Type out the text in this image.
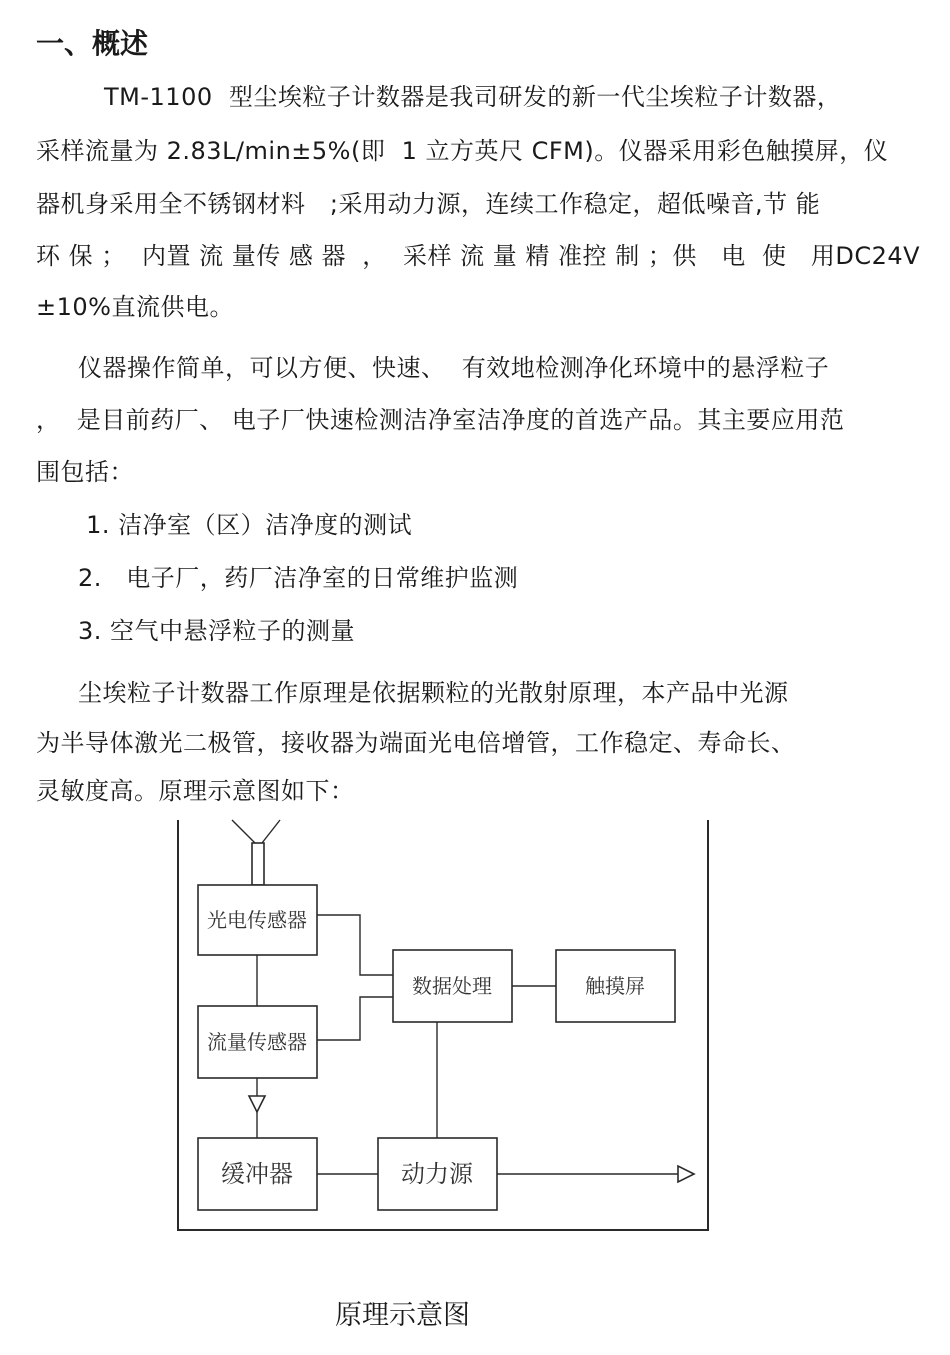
一、概述
TM-1100  型尘埃粒子计数器是我司研发的新一代尘埃粒子计数器，
采样流量为 2.83L/min±5%(即  1 立方英尺 CFM)。仪器采用彩色触摸屏，仪
器机身采用全不锈钢材料   ;采用动力源，连续工作稳定，超低噪音,节 能
环 保 ；  内置 流 量传 感 器  ，  采样 流 量 精 准控 制 ；供   电  使   用DC24V
±10%直流供电。
仪器操作简单，可以方便、快速、  有效地检测净化环境中的悬浮粒子
，  是目前药厂、 电子厂快速检测洁净室洁净度的首选产品。其主要应用范
围包括：
1. 洁净室（区）洁净度的测试
2.   电子厂，药厂洁净室的日常维护监测
3. 空气中悬浮粒子的测量
尘埃粒子计数器工作原理是依据颗粒的光散射原理，本产品中光源
为半导体激光二极管，接收器为端面光电倍增管，工作稳定、寿命长、
灵敏度高。原理示意图如下：
光电传感器
数据处理	触摸屏
流量传感器
缓冲器	动力源
原理示意图
